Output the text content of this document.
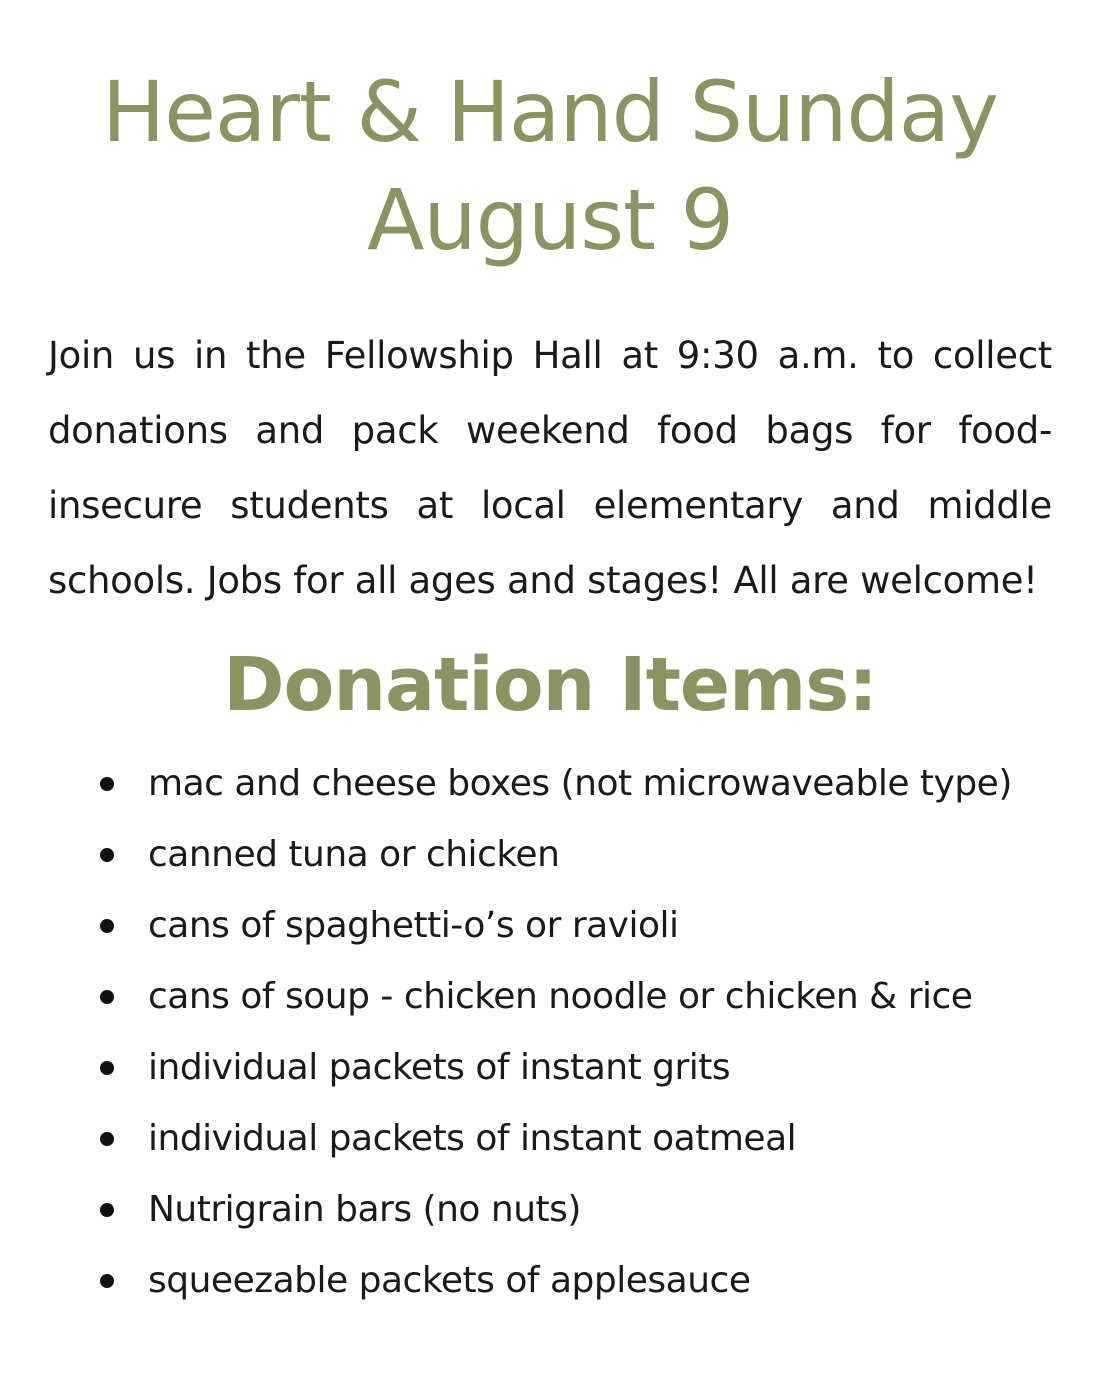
Heart & Hand Sunday
August 9

Join us in the Fellowship Hall at 9:30 a.m. to collect donations and pack weekend food bags for food-insecure students at local elementary and middle schools. Jobs for all ages and stages! All are welcome!

Donation Items:
mac and cheese boxes (not microwaveable type)
canned tuna or chicken
cans of spaghetti-o’s or ravioli
cans of soup - chicken noodle or chicken & rice
individual packets of instant grits
individual packets of instant oatmeal
Nutrigrain bars (no nuts)
squeezable packets of applesauce
